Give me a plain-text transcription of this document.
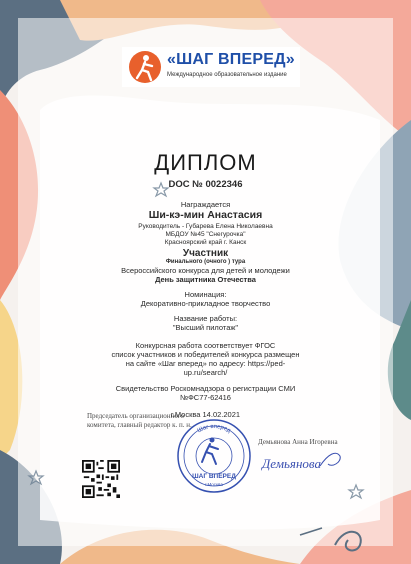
«ШАГ ВПЕРЕД»
Международное образовательное издание
ДИПЛОМ
DOC № 0022346
Награждается
Ши-кэ-мин Анастасия
Руководитель - Губарева Елена Николаевна
МБДОУ №45 "Снегурочка"
Красноярский край г. Канск
Участник
Финального (очного ) тура
Всероссийского конкурса для детей и молодежи
День защитника Отечества
Номинация:
Декоративно-прикладное творчество
Название работы:
"Высший пилотаж"
Конкурсная работа соответствует ФГОС
список участников и победителей конкурса размещен
на сайте «Шаг вперед» по адресу: https://ped-
up.ru/search/
Свидетельство Роскомнадзора о регистрации СМИ
№ФС77-62416
г.Москва 14.02.2021
Председатель организационного комитета, главный редактор к. п. н.
Демьянова Анна Игоревна
Демьянова
Шаг вперед
ШАГ ВПЕРЕД
г.Москва
